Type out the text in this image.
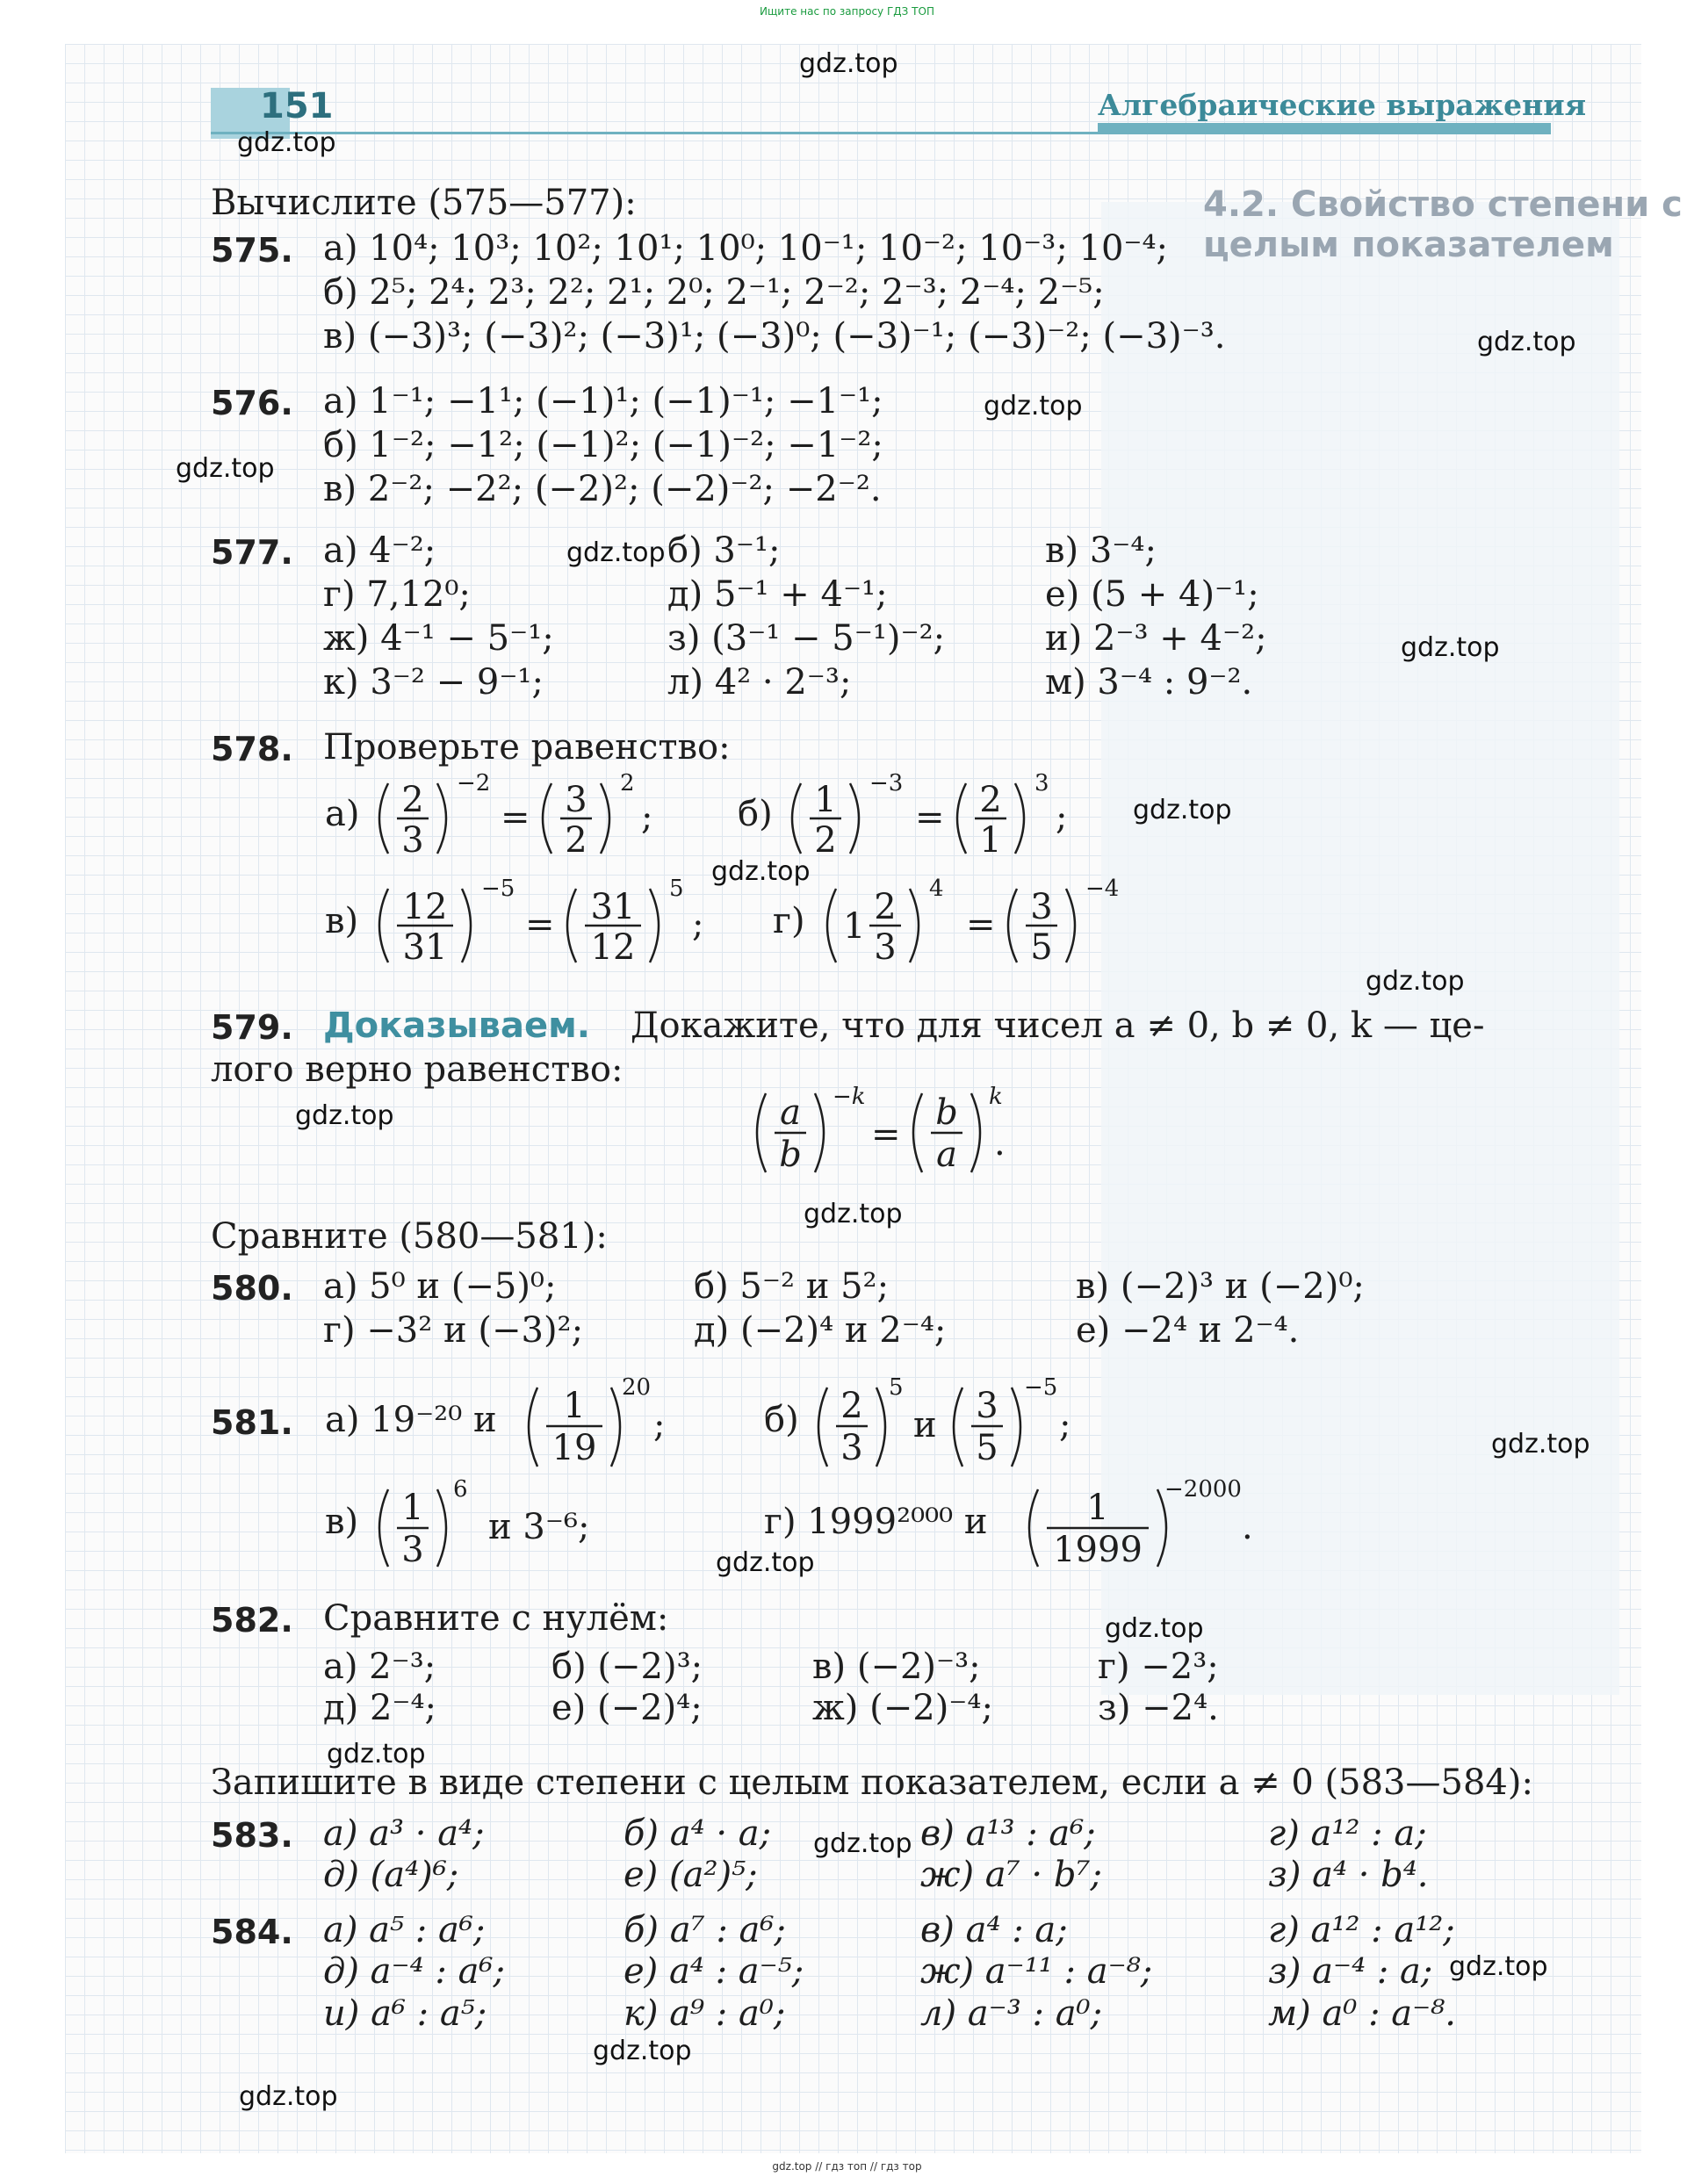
Ищите нас по запросу ГДЗ ТОП
4.2. Свойство степени с целым показателем
151	Алгебраические выражения
Вычислите (575—577):
575. а) 10⁴; 10³; 10²; 10¹; 10⁰; 10⁻¹; 10⁻²; 10⁻³; 10⁻⁴;
б) 2⁵; 2⁴; 2³; 2²; 2¹; 2⁰; 2⁻¹; 2⁻²; 2⁻³; 2⁻⁴; 2⁻⁵;
в) (−3)³; (−3)²; (−3)¹; (−3)⁰; (−3)⁻¹; (−3)⁻²; (−3)⁻³.
576. а) 1⁻¹; −1¹; (−1)¹; (−1)⁻¹; −1⁻¹;
б) 1⁻²; −1²; (−1)²; (−1)⁻²; −1⁻²;
в) 2⁻²; −2²; (−2)²; (−2)⁻²; −2⁻².
577. а) 4⁻²;	б) 3⁻¹;	в) 3⁻⁴;
г) 7,12⁰;	д) 5⁻¹ + 4⁻¹;	е) (5 + 4)⁻¹;
ж) 4⁻¹ − 5⁻¹;	з) (3⁻¹ − 5⁻¹)⁻²;	и) 2⁻³ + 4⁻²;
к) 3⁻² − 9⁻¹;	л) 4² · 2⁻³;	м) 3⁻⁴ : 9⁻².
578. Проверьте равенство:
а) 2
3
−2
= 3
2
2
; б) 1
2
−3
= 2
1
3
;
в) 12
31
−5
= 31
12
5
; г) 1 2
3
4
= 3
5
−4
579. Доказываем. Докажите, что для чисел a ≠ 0, b ≠ 0, k — це-
лого верно равенство:
a
b
−k
=
b
a
k
.
Сравните (580—581):
580. а) 5⁰ и (−5)⁰;	б) 5⁻² и 5²;	в) (−2)³ и (−2)⁰;
г) −3² и (−3)²;	д) (−2)⁴ и 2⁻⁴;	е) −2⁴ и 2⁻⁴.
581. а) 19⁻²⁰ и 1
19
20
;	б) 2
3
5
и 3
5
−5
;
в) 1
3
6
и 3⁻⁶;	г) 1999²⁰⁰⁰ и	1
1999
−2000
.
582. Сравните с нулём:
а) 2⁻³;	б) (−2)³;	в) (−2)⁻³;	г) −2³;
д) 2⁻⁴;	е) (−2)⁴;	ж) (−2)⁻⁴;	з) −2⁴.
Запишите в виде степени с целым показателем, если a ≠ 0 (583—584):
583. а) a³ · a⁴;	б) a⁴ · a;	в) a¹³ : a⁶;	г) a¹² : a;
д) (a⁴)⁶;	е) (a²)⁵;	ж) a⁷ · b⁷;	з) a⁴ · b⁴.
584. а) a⁵ : a⁶;	б) a⁷ : a⁶;	в) a⁴ : a;	г) a¹² : a¹²;
д) a⁻⁴ : a⁶;	е) a⁴ : a⁻⁵;	ж) a⁻¹¹ : a⁻⁸;	з) a⁻⁴ : a;
и) a⁶ : a⁵;	к) a⁹ : a⁰;	л) a⁻³ : a⁰;	м) a⁰ : a⁻⁸.
gdz.top
gdz.top
gdz.top
gdz.top
gdz.top
gdz.top
gdz.top
gdz.top
gdz.top
gdz.top
gdz.top
gdz.top
gdz.top
gdz.top
gdz.top
gdz.top
gdz.top
gdz.top
gdz.top
gdz.top
gdz.top // гдз топ // гдз тор
